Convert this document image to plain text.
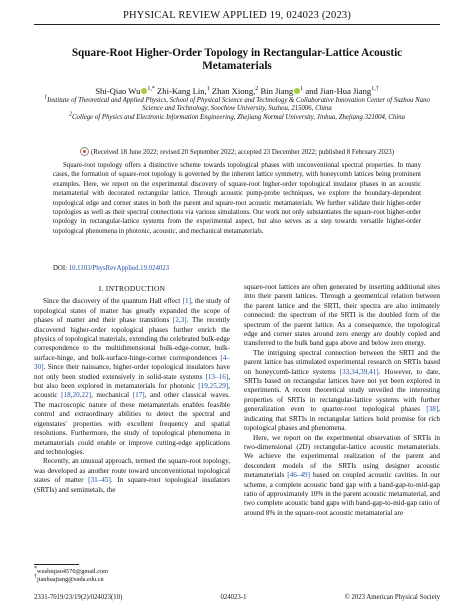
PHYSICAL REVIEW APPLIED 19, 024023 (2023)
Square-Root Higher-Order Topology in Rectangular-Lattice Acoustic
Metamaterials
Shi-Qiao Wu $^{1,*}$ Zhi-Kang Lin,$^1$ Zhan Xiong,$^2$ Bin Jiang $^1$ and Jian-Hua Jiang$^{1,\dagger}$
$^1$Institute of Theoretical and Applied Physics, School of Physical Science and Technology & Collaborative Innovation Center of Suzhou Nano Science and Technology, Soochow University, Suzhou, 215006, China
$^2$College of Physics and Electronic Information Engineering, Zhejiang Normal University, Jinhua, Zhejiang 321004, China
(Received 18 June 2022; revised 20 September 2022; accepted 23 December 2022; published 8 February 2023)
Square-root topology offers a distinctive scheme towards topological phases with unconventional spectral properties. In many cases, the formation of square-root topology is governed by the inherent lattice symmetry, with honeycomb lattices being prominent examples. Here, we report on the experimental discovery of square-root higher-order topological insulator phases in an acoustic metamaterial with decorated rectangular lattice. Through acoustic pump-probe techniques, we explore the boundary-dependent topological edge and corner states in both the parent and square-root acoustic metamaterials. We further validate their higher-order topologies as well as their spectral connections via various simulations. Our work not only substantiates the square-root higher-order topology in rectangular-lattice systems from the experimental aspect, but also serves as a step towards versatile higher-order topological phenomena in photonic, acoustic, and mechanical metamaterials.
DOI: 10.1103/PhysRevApplied.19.024023
I. INTRODUCTION

Since the discovery of the quantum Hall effect [1], the study of topological states of matter has greatly expanded the scope of phases of matter and their phase transitions [2,3]. The recently discovered higher-order topological phases further enrich the physics of topological materials, extending the celebrated bulk-edge correspondence to the multidimensional bulk-edge-corner, bulk-surface-hinge, and bulk-surface-hinge-corner correspondences [4–30]. Since their naissance, higher-order topological insulators have not only been studied extensively in solid-state systems [13–16], but also been explored in metamaterials for photonic [19,25,29], acoustic [18,20,22], mechanical [17], and other classical waves. The macroscopic nature of these metamaterials enables feasible control and extraordinary abilities to detect the spectral and eigenstates' properties with excellent frequency and spatial resolutions. Furthermore, the study of topological phenomena in metamaterials could enable or improve cutting-edge applications and technologies.

Recently, an unusual approach, termed the square-root topology, was developed as another route toward unconventional topological states of matter [31–45]. In square-root topological insulators (SRTIs) and semimetals, the

square-root lattices are often generated by inserting additional sites into their parent lattices. Through a geometrical relation between the parent lattice and the SRTI, their spectra are also intimately connected: the spectrum of the SRTI is the doubled form of the spectrum of the parent lattice. As a consequence, the topological edge and corner states around zero energy are doubly copied and transferred to the bulk band gaps above and below zero energy.

The intriguing spectral connection between the SRTI and the parent lattice has stimulated experimental research on SRTIs based on honeycomb-lattice systems [33,34,39,41]. However, to date, SRTIs based on rectangular lattices have not yet been explored in experiments. A recent theoretical study unveiled the interesting properties of SRTIs in rectangular-lattice systems with further generalization even to quarter-root topological phases [38], indicating that SRTIs in rectangular lattices hold promise for rich topological phases and phenomena.

Here, we report on the experimental observation of SRTIs in two-dimensional (2D) rectangular-lattice acoustic metamaterials. We achieve the experimental realization of the parent and descendent models of the SRTIs using designer acoustic metamaterials [46–49] based on coupled acoustic cavities. In our scheme, a complete acoustic band gap with a band-gap-to-mid-gap ratio of approximately 10% in the parent acoustic metamaterial, and two complete acoustic band gaps with band-gap-to-mid-gap ratio of around 8% in the square-root acoustic metamaterial are

*wushiqiao4570@gmail.com
†jianhuajiang@suda.edu.cn
2331-7019/23/19(2)/024023(10)	024023-1	© 2023 American Physical Society
